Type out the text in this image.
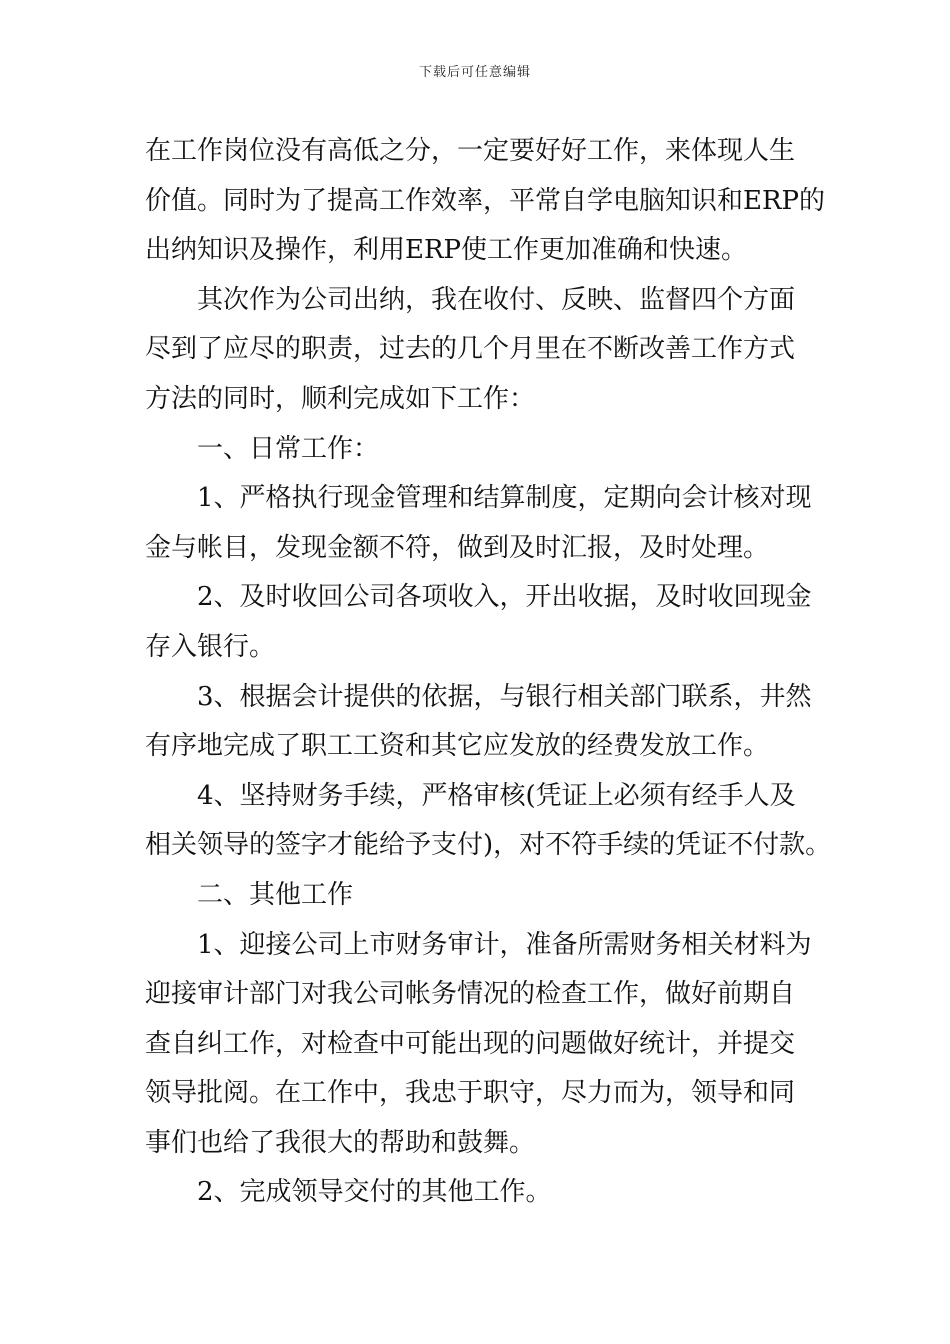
下载后可任意编辑
在工作岗位没有高低之分，一定要好好工作，来体现人生
价值。同时为了提高工作效率，平常自学电脑知识和ERP的
出纳知识及操作，利用ERP使工作更加准确和快速。
其次作为公司出纳，我在收付、反映、监督四个方面
尽到了应尽的职责，过去的几个月里在不断改善工作方式
方法的同时，顺利完成如下工作：
一、日常工作：
1、严格执行现金管理和结算制度，定期向会计核对现
金与帐目，发现金额不符，做到及时汇报，及时处理。
2、及时收回公司各项收入，开出收据，及时收回现金
存入银行。
3、根据会计提供的依据，与银行相关部门联系，井然
有序地完成了职工工资和其它应发放的经费发放工作。
4、坚持财务手续，严格审核(凭证上必须有经手人及
相关领导的签字才能给予支付)，对不符手续的凭证不付款。
二、其他工作
1、迎接公司上市财务审计，准备所需财务相关材料为
迎接审计部门对我公司帐务情况的检查工作，做好前期自
查自纠工作，对检查中可能出现的问题做好统计，并提交
领导批阅。在工作中，我忠于职守，尽力而为，领导和同
事们也给了我很大的帮助和鼓舞。
2、完成领导交付的其他工作。
